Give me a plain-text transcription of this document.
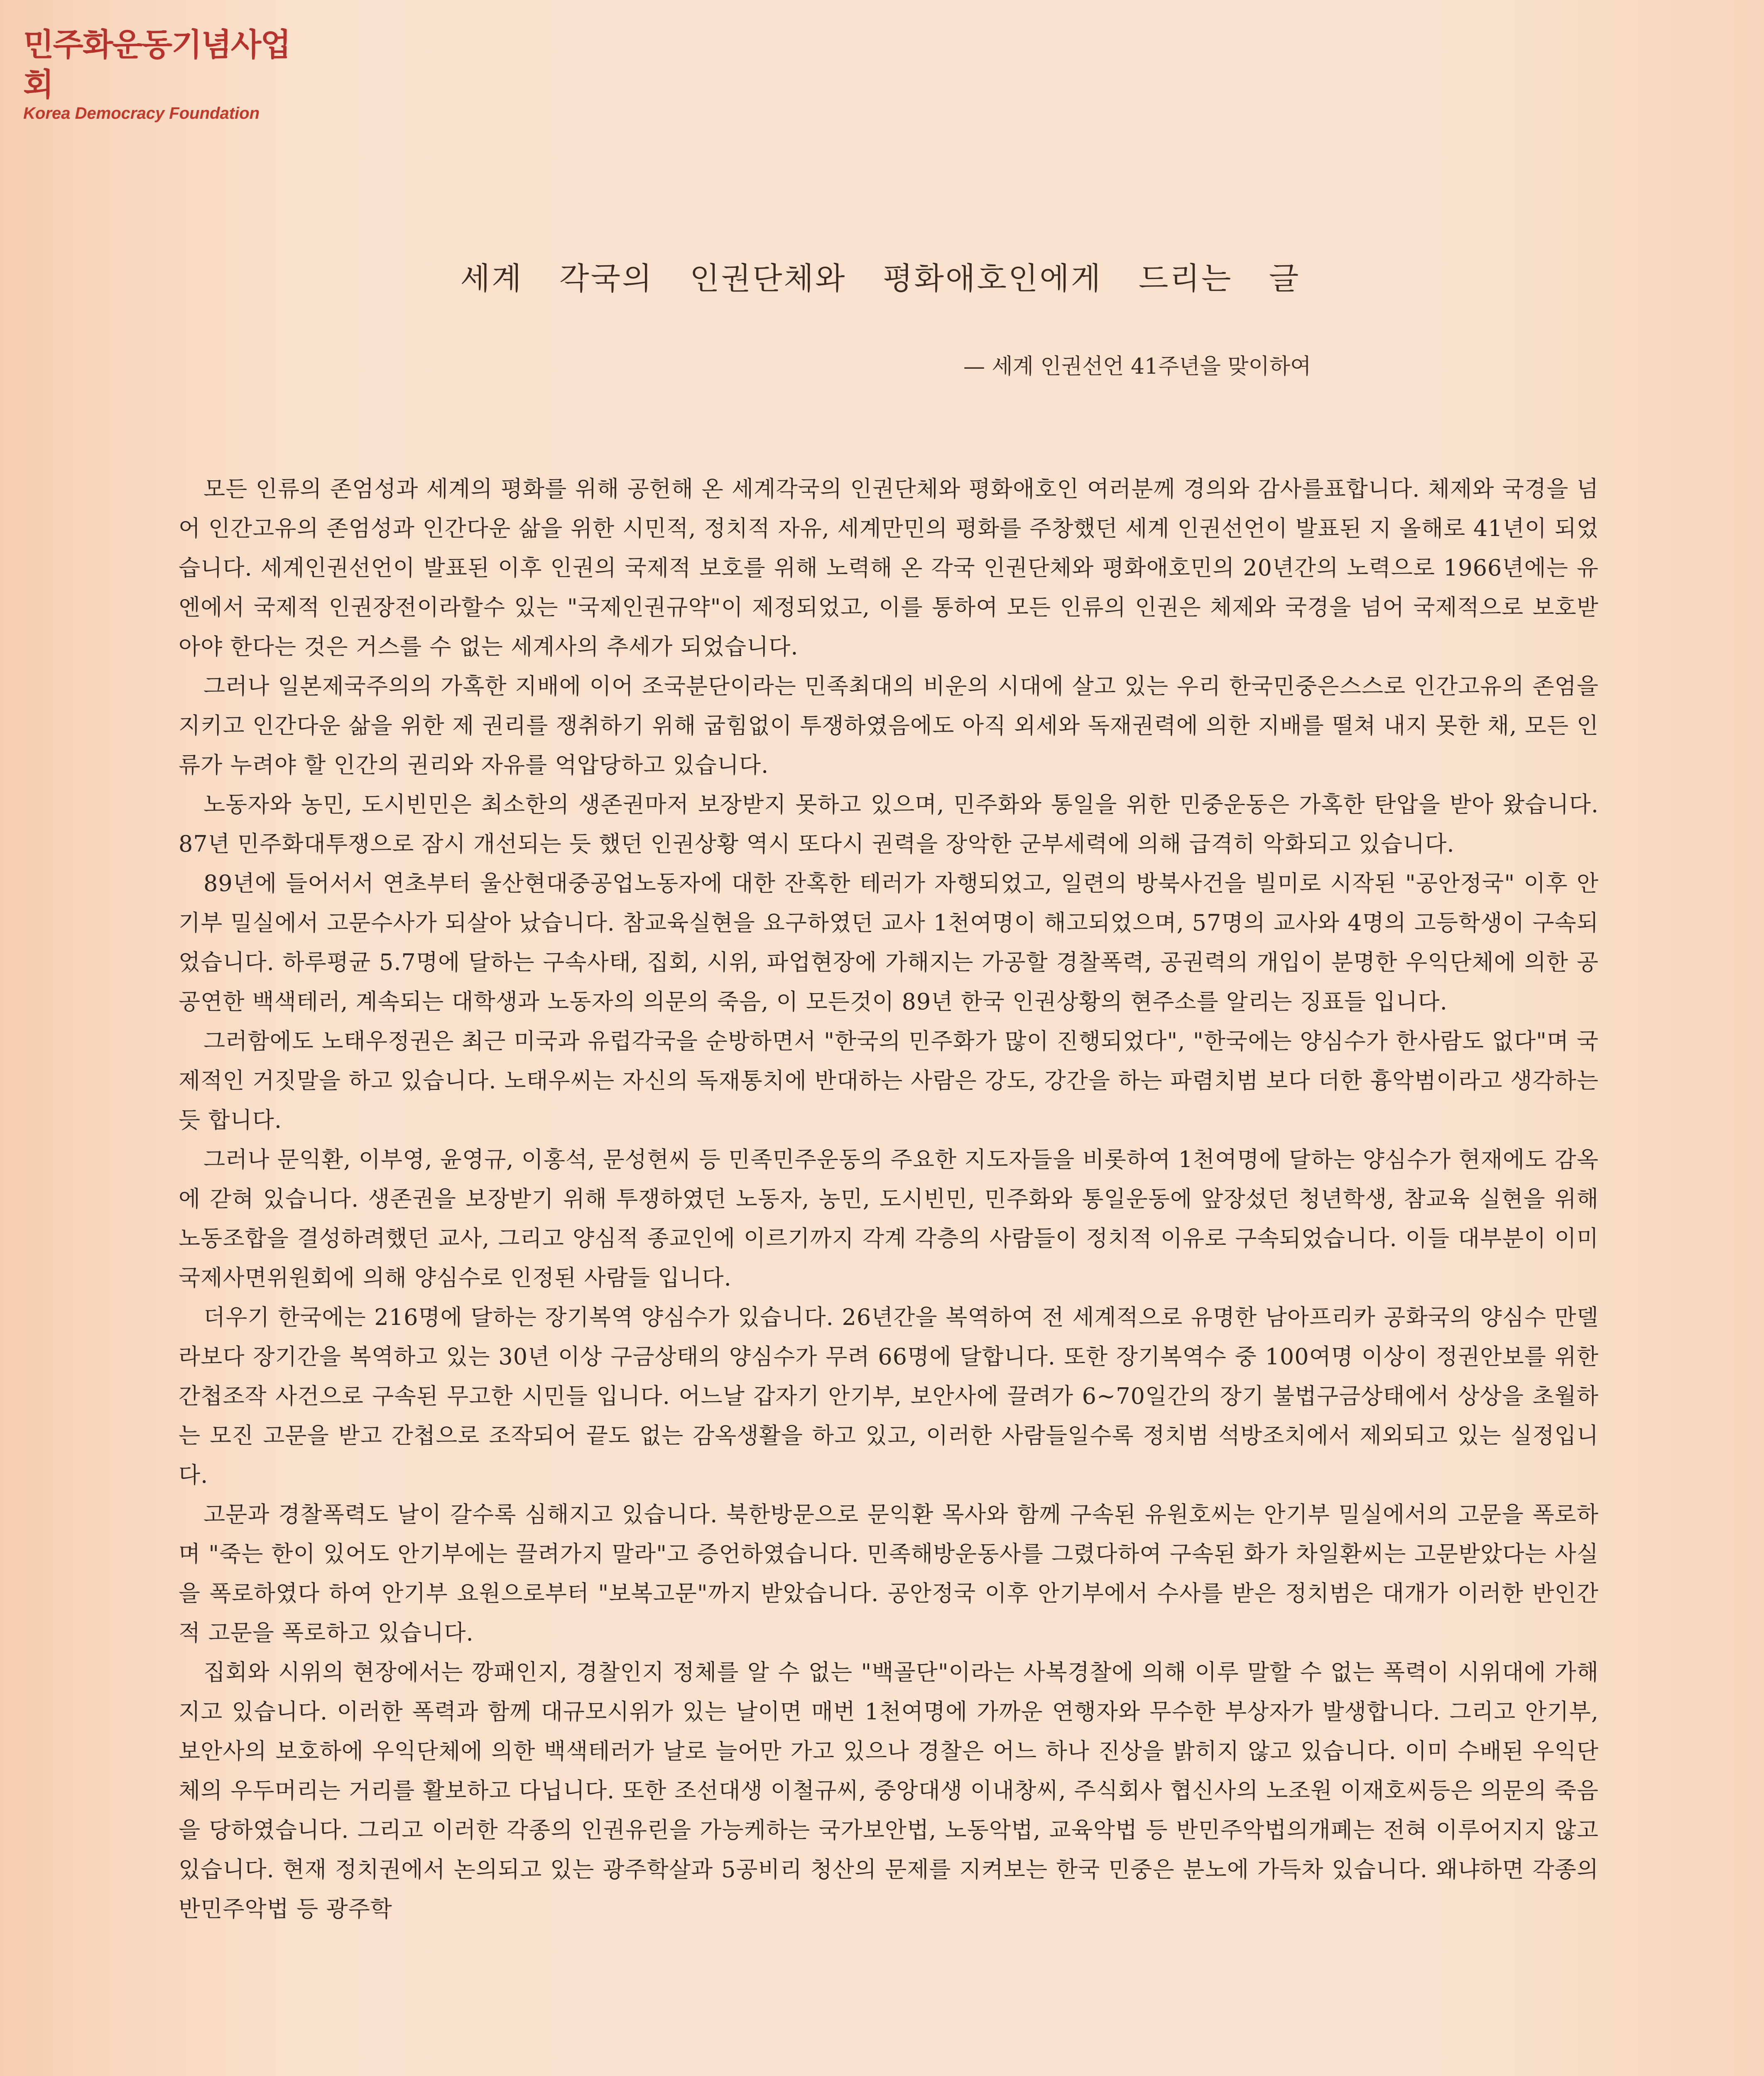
민주화운동기념사업회
Korea Democracy Foundation
세계 각국의 인권단체와 평화애호인에게 드리는 글
— 세계 인권선언 41주년을 맞이하여

모든 인류의 존엄성과 세계의 평화를 위해 공헌해 온 세계각국의 인권단체와 평화애호인 여러분께 경의와 감사를표합니다. 체제와 국경을 넘어 인간고유의 존엄성과 인간다운 삶을 위한 시민적, 정치적 자유, 세계만민의 평화를 주창했던 세계 인권선언이 발표된 지 올해로 41년이 되었습니다. 세계인권선언이 발표된 이후 인권의 국제적 보호를 위해 노력해 온 각국 인권단체와 평화애호민의 20년간의 노력으로 1966년에는 유엔에서 국제적 인권장전이라할수 있는 "국제인권규약"이 제정되었고, 이를 통하여 모든 인류의 인권은 체제와 국경을 넘어 국제적으로 보호받아야 한다는 것은 거스를 수 없는 세계사의 추세가 되었습니다.

그러나 일본제국주의의 가혹한 지배에 이어 조국분단이라는 민족최대의 비운의 시대에 살고 있는 우리 한국민중은스스로 인간고유의 존엄을 지키고 인간다운 삶을 위한 제 권리를 쟁취하기 위해 굽힘없이 투쟁하였음에도 아직 외세와 독재권력에 의한 지배를 떨쳐 내지 못한 채, 모든 인류가 누려야 할 인간의 권리와 자유를 억압당하고 있습니다.

노동자와 농민, 도시빈민은 최소한의 생존권마저 보장받지 못하고 있으며, 민주화와 통일을 위한 민중운동은 가혹한 탄압을 받아 왔습니다. 87년 민주화대투쟁으로 잠시 개선되는 듯 했던 인권상황 역시 또다시 권력을 장악한 군부세력에 의해 급격히 악화되고 있습니다.

89년에 들어서서 연초부터 울산현대중공업노동자에 대한 잔혹한 테러가 자행되었고, 일련의 방북사건을 빌미로 시작된 "공안정국" 이후 안기부 밀실에서 고문수사가 되살아 났습니다. 참교육실현을 요구하였던 교사 1천여명이 해고되었으며, 57명의 교사와 4명의 고등학생이 구속되었습니다. 하루평균 5.7명에 달하는 구속사태, 집회, 시위, 파업현장에 가해지는 가공할 경찰폭력, 공권력의 개입이 분명한 우익단체에 의한 공공연한 백색테러, 계속되는 대학생과 노동자의 의문의 죽음, 이 모든것이 89년 한국 인권상황의 현주소를 알리는 징표들 입니다.

그러함에도 노태우정권은 최근 미국과 유럽각국을 순방하면서 "한국의 민주화가 많이 진행되었다", "한국에는 양심수가 한사람도 없다"며 국제적인 거짓말을 하고 있습니다. 노태우씨는 자신의 독재통치에 반대하는 사람은 강도, 강간을 하는 파렴치범 보다 더한 흉악범이라고 생각하는 듯 합니다.

그러나 문익환, 이부영, 윤영규, 이홍석, 문성현씨 등 민족민주운동의 주요한 지도자들을 비롯하여 1천여명에 달하는 양심수가 현재에도 감옥에 갇혀 있습니다. 생존권을 보장받기 위해 투쟁하였던 노동자, 농민, 도시빈민, 민주화와 통일운동에 앞장섰던 청년학생, 참교육 실현을 위해 노동조합을 결성하려했던 교사, 그리고 양심적 종교인에 이르기까지 각계 각층의 사람들이 정치적 이유로 구속되었습니다. 이들 대부분이 이미 국제사면위원회에 의해 양심수로 인정된 사람들 입니다.

더우기 한국에는 216명에 달하는 장기복역 양심수가 있습니다. 26년간을 복역하여 전 세계적으로 유명한 남아프리카 공화국의 양심수 만델라보다 장기간을 복역하고 있는 30년 이상 구금상태의 양심수가 무려 66명에 달합니다. 또한 장기복역수 중 100여명 이상이 정권안보를 위한 간첩조작 사건으로 구속된 무고한 시민들 입니다. 어느날 갑자기 안기부, 보안사에 끌려가 6~70일간의 장기 불법구금상태에서 상상을 초월하는 모진 고문을 받고 간첩으로 조작되어 끝도 없는 감옥생활을 하고 있고, 이러한 사람들일수록 정치범 석방조치에서 제외되고 있는 실정입니다.

고문과 경찰폭력도 날이 갈수록 심해지고 있습니다. 북한방문으로 문익환 목사와 함께 구속된 유원호씨는 안기부 밀실에서의 고문을 폭로하며 "죽는 한이 있어도 안기부에는 끌려가지 말라"고 증언하였습니다. 민족해방운동사를 그렸다하여 구속된 화가 차일환씨는 고문받았다는 사실을 폭로하였다 하여 안기부 요원으로부터 "보복고문"까지 받았습니다. 공안정국 이후 안기부에서 수사를 받은 정치범은 대개가 이러한 반인간적 고문을 폭로하고 있습니다.

집회와 시위의 현장에서는 깡패인지, 경찰인지 정체를 알 수 없는 "백골단"이라는 사복경찰에 의해 이루 말할 수 없는 폭력이 시위대에 가해지고 있습니다. 이러한 폭력과 함께 대규모시위가 있는 날이면 매번 1천여명에 가까운 연행자와 무수한 부상자가 발생합니다. 그리고 안기부, 보안사의 보호하에 우익단체에 의한 백색테러가 날로 늘어만 가고 있으나 경찰은 어느 하나 진상을 밝히지 않고 있습니다. 이미 수배된 우익단체의 우두머리는 거리를 활보하고 다닙니다. 또한 조선대생 이철규씨, 중앙대생 이내창씨, 주식회사 협신사의 노조원 이재호씨등은 의문의 죽음을 당하였습니다. 그리고 이러한 각종의 인권유린을 가능케하는 국가보안법, 노동악법, 교육악법 등 반민주악법의개폐는 전혀 이루어지지 않고 있습니다. 현재 정치권에서 논의되고 있는 광주학살과 5공비리 청산의 문제를 지켜보는 한국 민중은 분노에 가득차 있습니다. 왜냐하면 각종의 반민주악법 등 광주학
